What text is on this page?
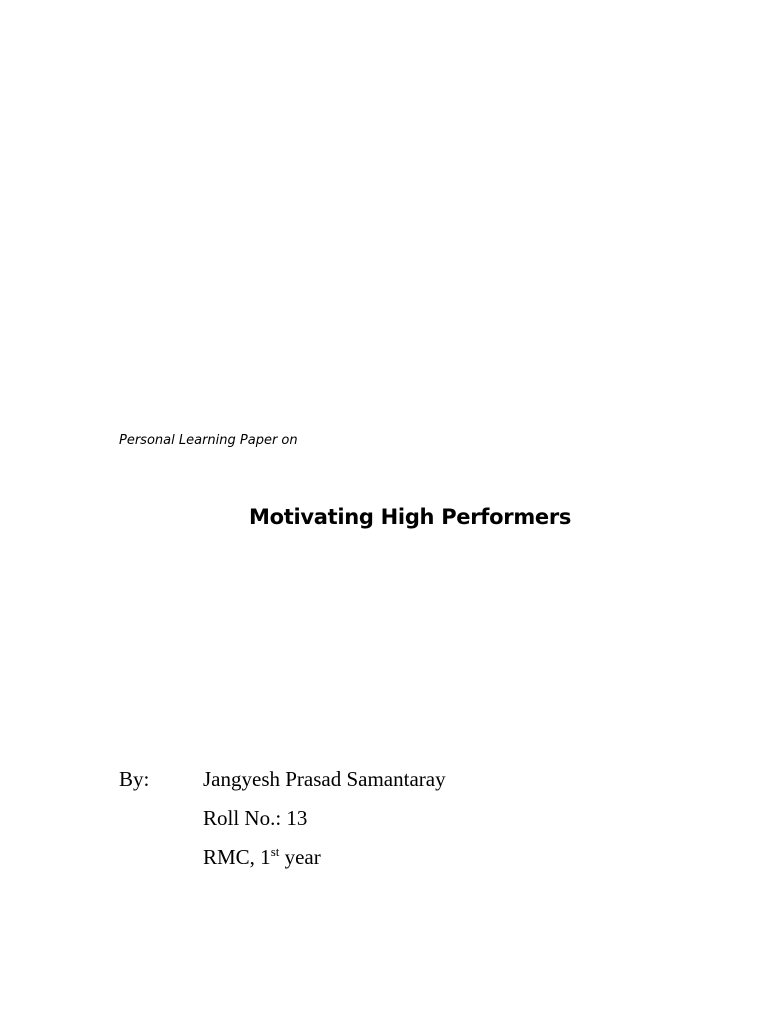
Personal Learning Paper on
Motivating High Performers
By:	Jangyesh Prasad Samantaray
Roll No.: 13
RMC, 1st year
